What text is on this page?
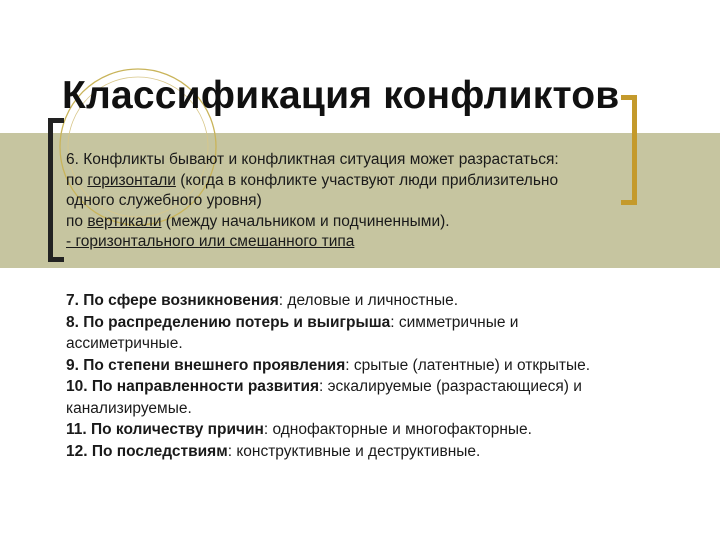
Классификация конфликтов
6. Конфликты бывают и конфликтная ситуация может разрастаться:
по горизонтали (когда в конфликте участвуют люди приблизительно
одного служебного уровня)
по вертикали (между начальником и подчиненными).
- горизонтального или смешанного типа
7. По сфере возникновения: деловые и личностные.
8. По распределению потерь и выигрыша: симметричные и
ассиметричные.
9. По степени внешнего проявления: срытые (латентные) и открытые.
10. По направленности развития: эскалируемые (разрастающиеся) и
канализируемые.
11. По количеству причин: однофакторные и многофакторные.
12. По последствиям: конструктивные и деструктивные.
